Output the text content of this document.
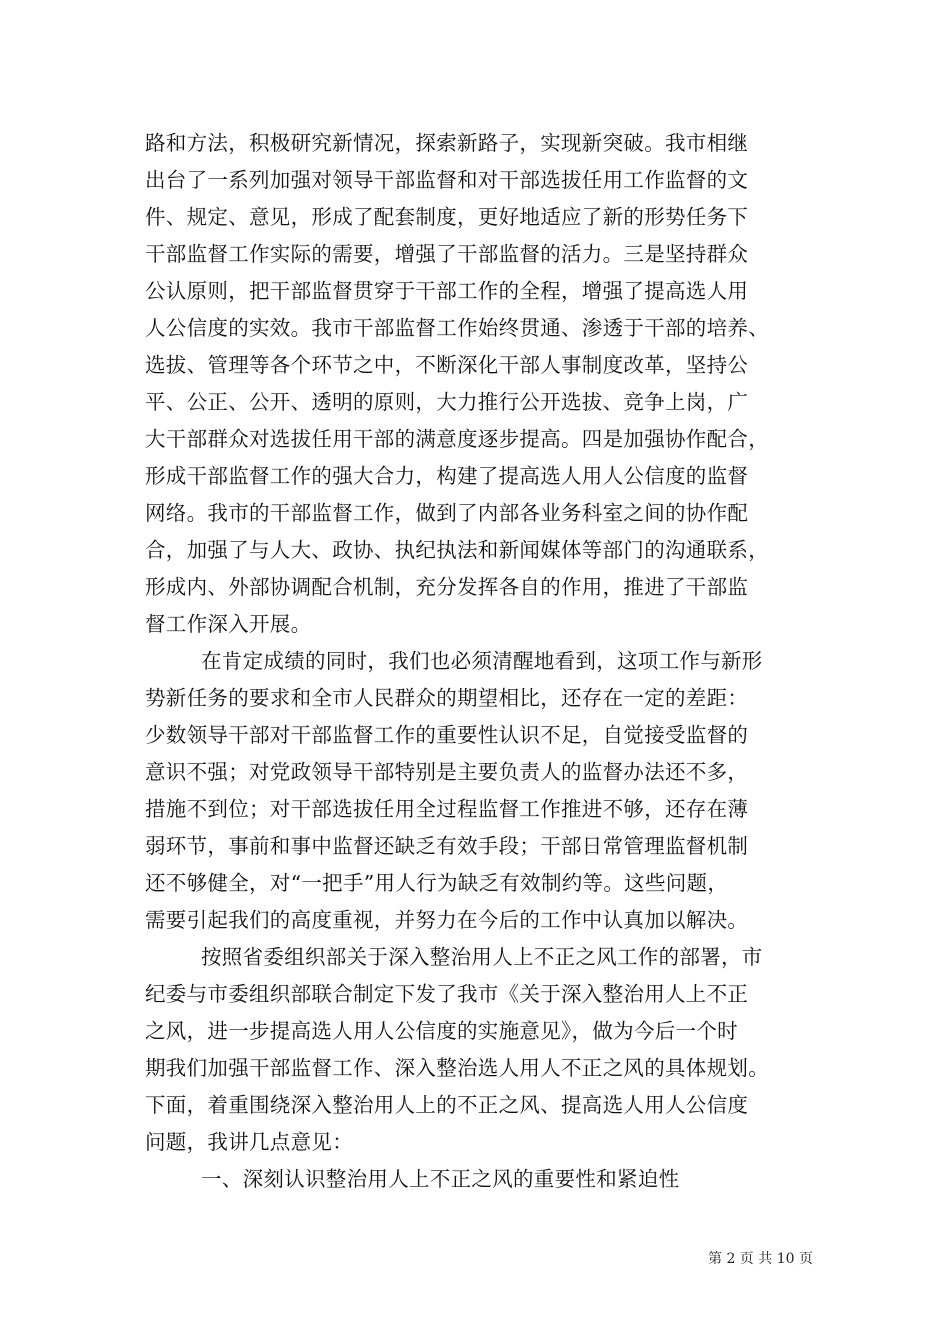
路和方法，积极研究新情况，探索新路子，实现新突破。我市相继
出台了一系列加强对领导干部监督和对干部选拔任用工作监督的文
件、规定、意见，形成了配套制度，更好地适应了新的形势任务下
干部监督工作实际的需要，增强了干部监督的活力。三是坚持群众
公认原则，把干部监督贯穿于干部工作的全程，增强了提高选人用
人公信度的实效。我市干部监督工作始终贯通、渗透于干部的培养、
选拔、管理等各个环节之中，不断深化干部人事制度改革，坚持公
平、公正、公开、透明的原则，大力推行公开选拔、竞争上岗，广
大干部群众对选拔任用干部的满意度逐步提高。四是加强协作配合，
形成干部监督工作的强大合力，构建了提高选人用人公信度的监督
网络。我市的干部监督工作，做到了内部各业务科室之间的协作配
合，加强了与人大、政协、执纪执法和新闻媒体等部门的沟通联系，
形成内、外部协调配合机制，充分发挥各自的作用，推进了干部监
督工作深入开展。
在肯定成绩的同时，我们也必须清醒地看到，这项工作与新形
势新任务的要求和全市人民群众的期望相比，还存在一定的差距：
少数领导干部对干部监督工作的重要性认识不足，自觉接受监督的
意识不强；对党政领导干部特别是主要负责人的监督办法还不多，
措施不到位；对干部选拔任用全过程监督工作推进不够，还存在薄
弱环节，事前和事中监督还缺乏有效手段；干部日常管理监督机制
还不够健全，对“一把手”用人行为缺乏有效制约等。这些问题，
需要引起我们的高度重视，并努力在今后的工作中认真加以解决。
按照省委组织部关于深入整治用人上不正之风工作的部署，市
纪委与市委组织部联合制定下发了我市《关于深入整治用人上不正
之风，进一步提高选人用人公信度的实施意见》，做为今后一个时
期我们加强干部监督工作、深入整治选人用人不正之风的具体规划。
下面，着重围绕深入整治用人上的不正之风、提高选人用人公信度
问题，我讲几点意见：
一、深刻认识整治用人上不正之风的重要性和紧迫性
第 2 页 共 10 页
